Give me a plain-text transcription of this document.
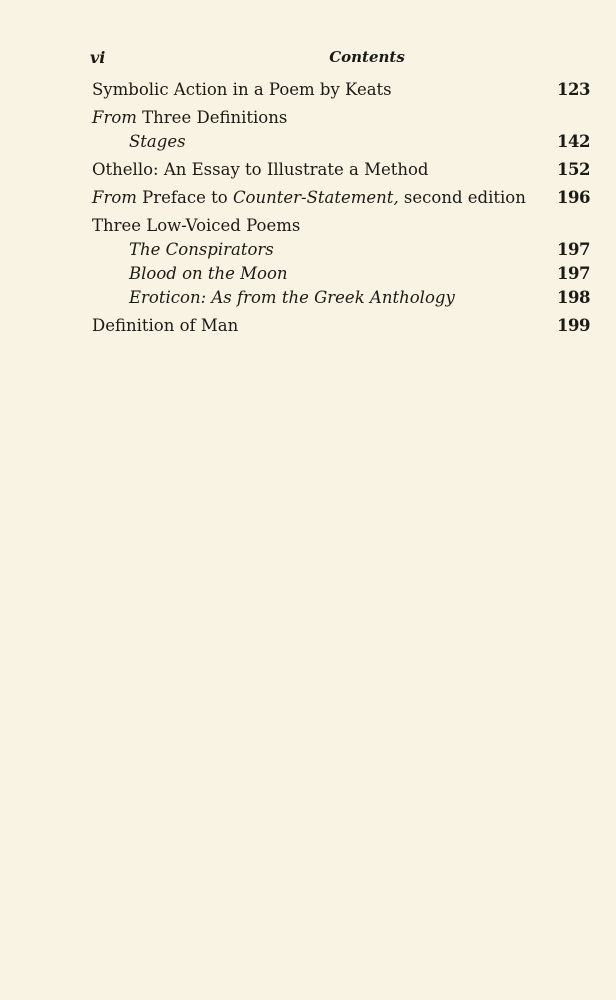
vi	Contents
Symbolic Action in a Poem by Keats	123
From Three Definitions
Stages	142
Othello: An Essay to Illustrate a Method	152
From Preface to Counter-Statement, second edition 196
Three Low-Voiced Poems
The Conspirators	197
Blood on the Moon	197
Eroticon: As from the Greek Anthology	198
Definition of Man	199
